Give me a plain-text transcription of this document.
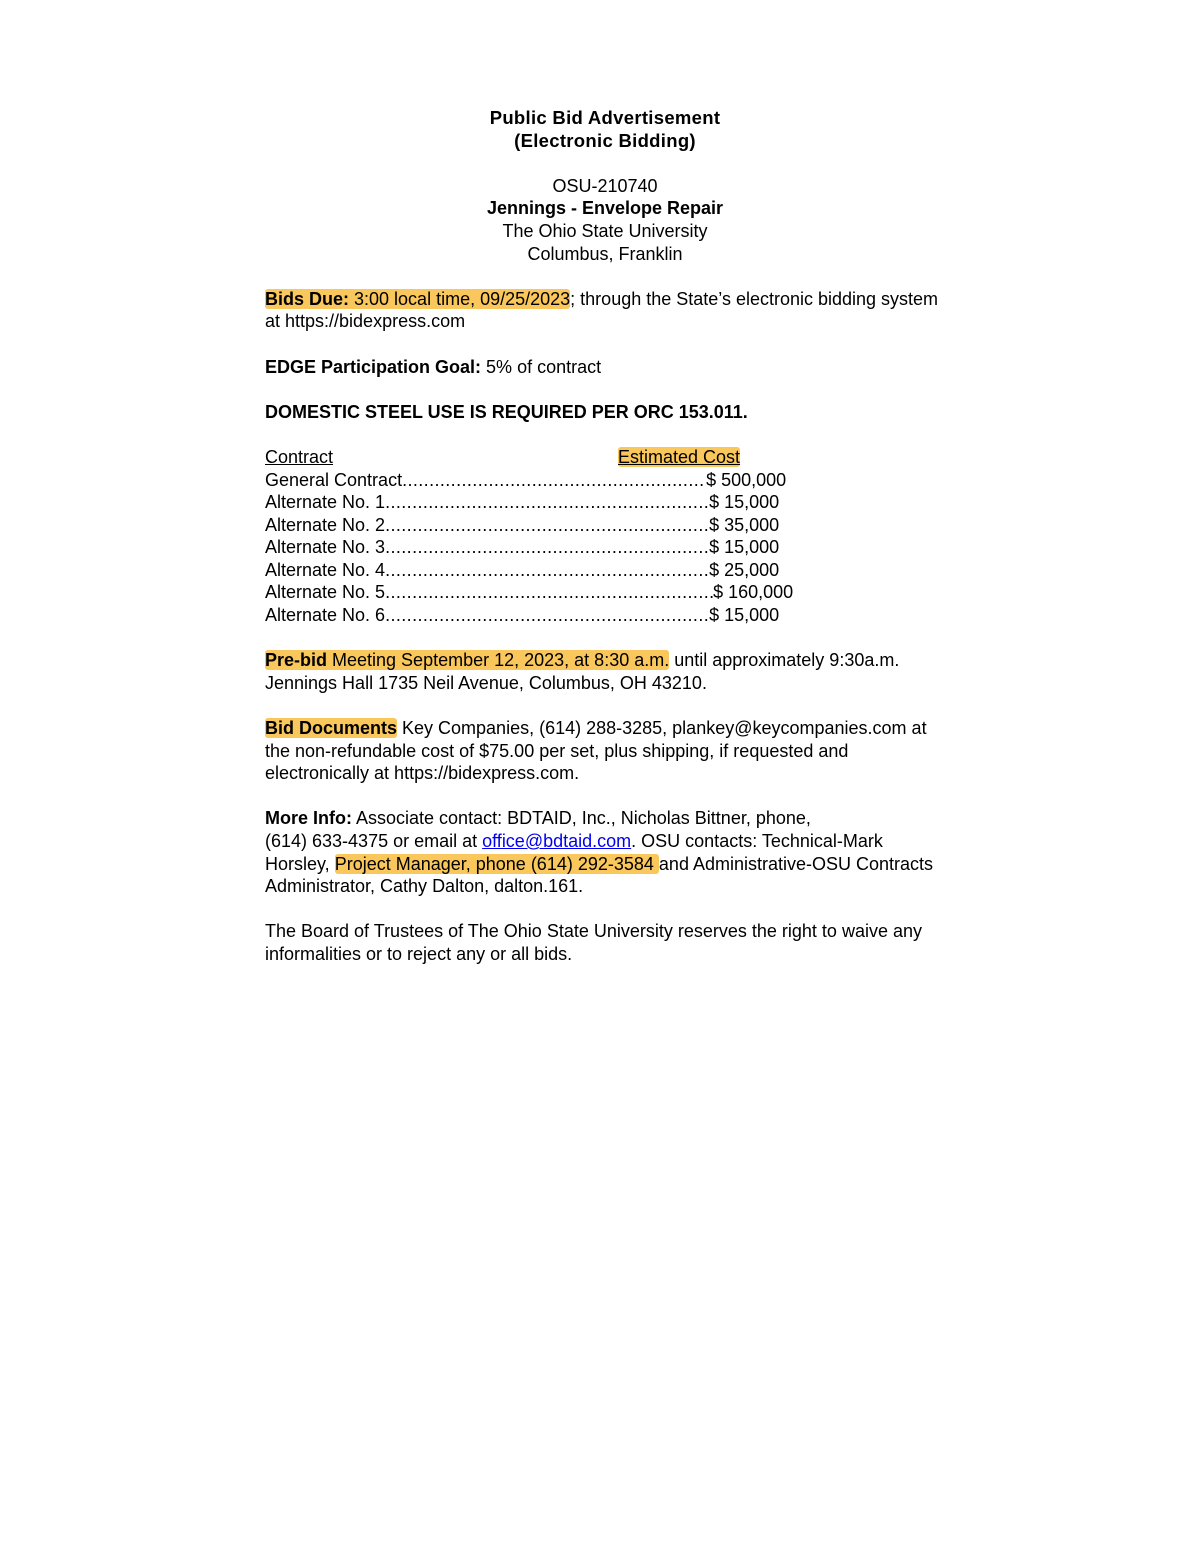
Public Bid Advertisement
(Electronic Bidding)
OSU-210740
Jennings - Envelope Repair
The Ohio State University
Columbus, Franklin

Bids Due: 3:00 local time, 09/25/2023; through the State’s electronic bidding system at https://bidexpress.com

EDGE Participation Goal: 5% of contract

DOMESTIC STEEL USE IS REQUIRED PER ORC 153.011.

Contract	Estimated Cost
General Contract .....	$ 500,000
Alternate No. 1 .....	$ 15,000
Alternate No. 2 .....	$ 35,000
Alternate No. 3 .....	$ 15,000
Alternate No. 4 .....	$ 25,000
Alternate No. 5 .....	$ 160,000
Alternate No. 6 .....	$ 15,000

Pre-bid Meeting September 12, 2023, at 8:30 a.m. until approximately 9:30a.m. Jennings Hall 1735 Neil Avenue, Columbus, OH 43210.

Bid Documents Key Companies, (614) 288-3285, plankey@keycompanies.com at the non-refundable cost of $75.00 per set, plus shipping, if requested and electronically at https://bidexpress.com.

More Info: Associate contact: BDTAID, Inc., Nicholas Bittner, phone,
(614) 633-4375 or email at office@bdtaid.com. OSU contacts: Technical-Mark Horsley, Project Manager, phone (614) 292-3584 and Administrative-OSU Contracts Administrator, Cathy Dalton, dalton.161.

The Board of Trustees of The Ohio State University reserves the right to waive any informalities or to reject any or all bids.
